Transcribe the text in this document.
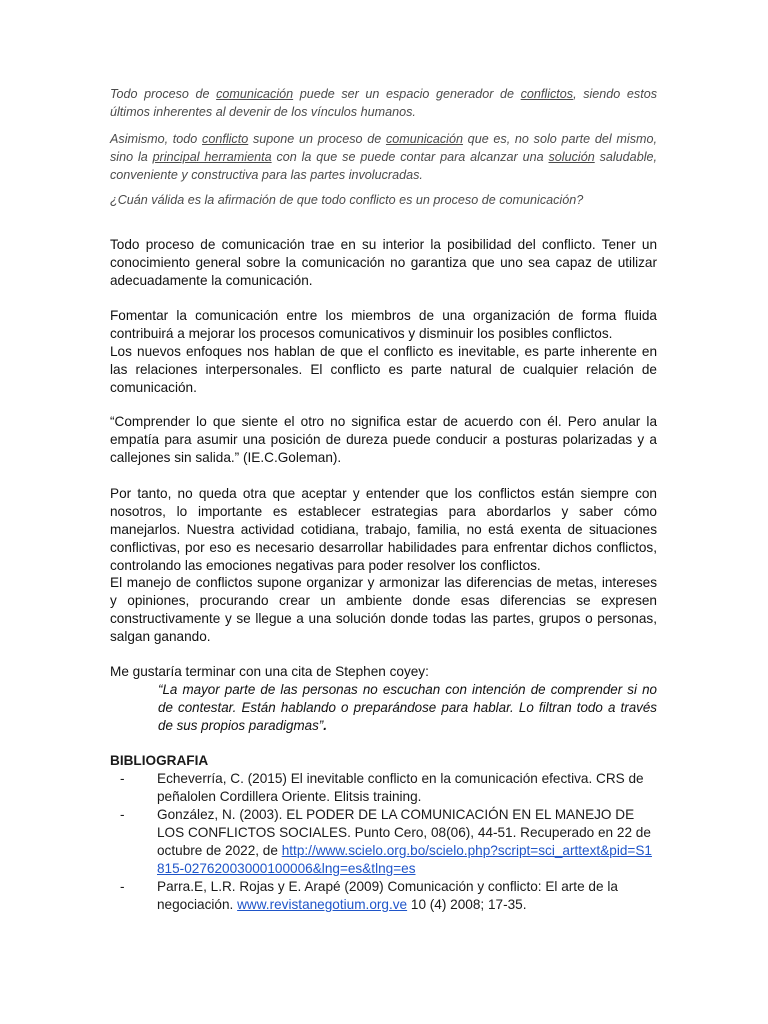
Todo proceso de comunicación puede ser un espacio generador de conflictos, siendo estos últimos inherentes al devenir de los vínculos humanos.

Asimismo, todo conflicto supone un proceso de comunicación que es, no solo parte del mismo, sino la principal herramienta con la que se puede contar para alcanzar una solución saludable, conveniente y constructiva para las partes involucradas.

¿Cuán válida es la afirmación de que todo conflicto es un proceso de comunicación?

Todo proceso de comunicación trae en su interior la posibilidad del conflicto. Tener un conocimiento general sobre la comunicación no garantiza que uno sea capaz de utilizar adecuadamente la comunicación.

Fomentar la comunicación entre los miembros de una organización de forma fluida contribuirá a mejorar los procesos comunicativos y disminuir los posibles conflictos.

Los nuevos enfoques nos hablan de que el conflicto es inevitable, es parte inherente en las relaciones interpersonales. El conflicto es parte natural de cualquier relación de comunicación.

“Comprender lo que siente el otro no significa estar de acuerdo con él. Pero anular la empatía para asumir una posición de dureza puede conducir a posturas polarizadas y a callejones sin salida.” (IE.C.Goleman).

Por tanto, no queda otra que aceptar y entender que los conflictos están siempre con nosotros, lo importante es establecer estrategias para abordarlos y saber cómo manejarlos. Nuestra actividad cotidiana, trabajo, familia, no está exenta de situaciones conflictivas, por eso es necesario desarrollar habilidades para enfrentar dichos conflictos, controlando las emociones negativas para poder resolver los conflictos.

El manejo de conflictos supone organizar y armonizar las diferencias de metas, intereses y opiniones, procurando crear un ambiente donde esas diferencias se expresen constructivamente y se llegue a una solución donde todas las partes, grupos o personas, salgan ganando.

Me gustaría terminar con una cita de Stephen coyey:

“La mayor parte de las personas no escuchan con intención de comprender si no de contestar. Están hablando o preparándose para hablar. Lo filtran todo a través de sus propios paradigmas”.

BIBLIOGRAFIA

- Echeverría, C. (2015) El inevitable conflicto en la comunicación efectiva. CRS de peñalolen Cordillera Oriente. Elitsis training.
- González, N. (2003). EL PODER DE LA COMUNICACIÓN EN EL MANEJO DE LOS CONFLICTOS SOCIALES. Punto Cero, 08(06), 44-51. Recuperado en 22 de octubre de 2022, de http://www.scielo.org.bo/scielo.php?script=sci_arttext&pid=S1815-02762003000100006&lng=es&tlng=es
- Parra.E, L.R. Rojas y E. Arapé (2009) Comunicación y conflicto: El arte de la negociación. www.revistanegotium.org.ve 10 (4) 2008; 17-35.
